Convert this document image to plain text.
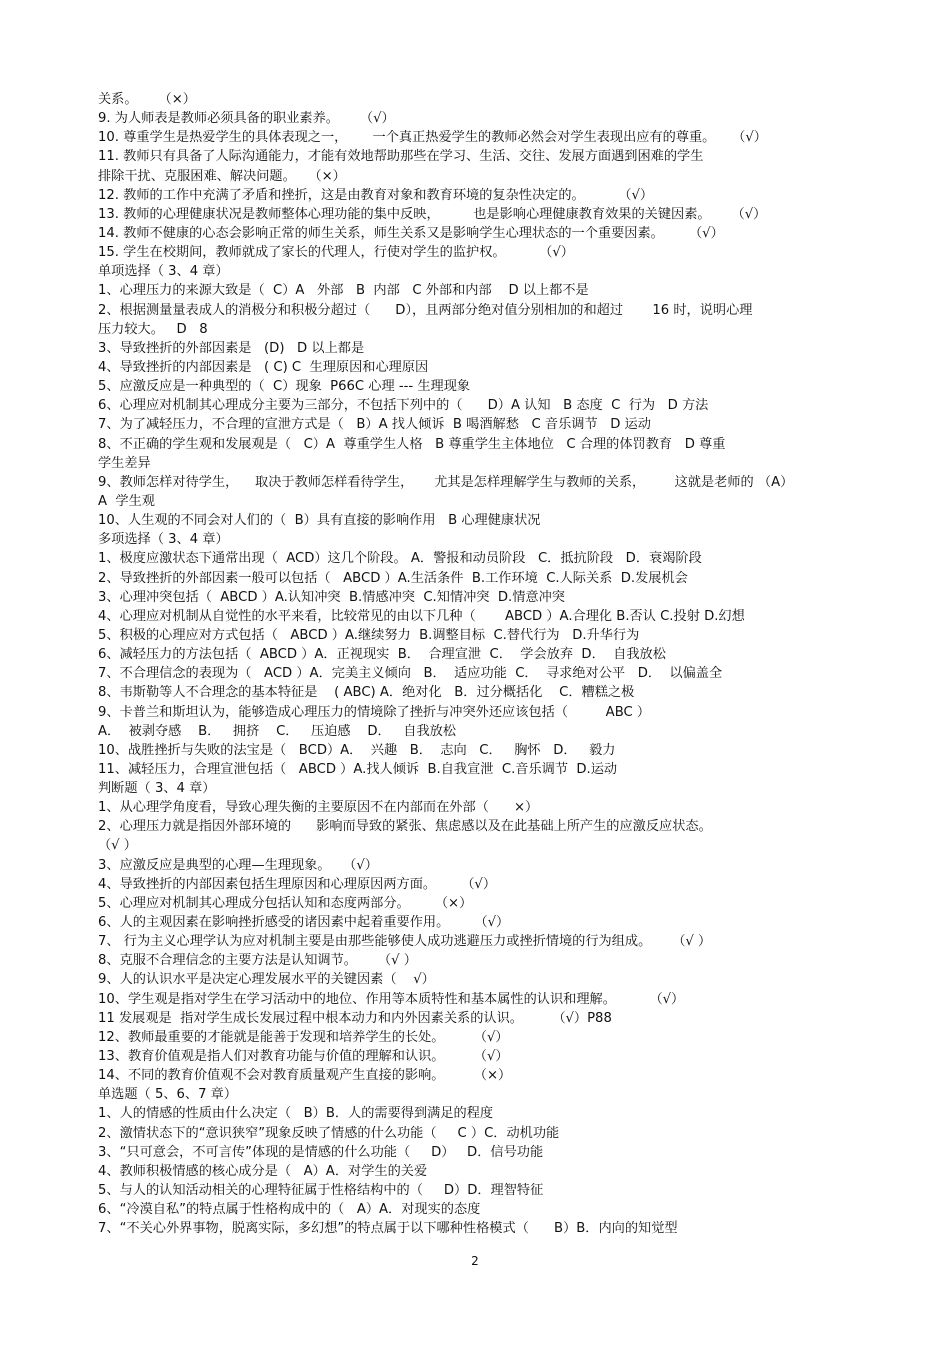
关系。     （×）
9. 为人师表是教师必须具备的职业素养。     （√）
10. 尊重学生是热爱学生的具体表现之一，      一个真正热爱学生的教师必然会对学生表现出应有的尊重。    （√）
11. 教师只有具备了人际沟通能力，才能有效地帮助那些在学习、生活、交往、发展方面遇到困难的学生
排除干扰、克服困难、解决问题。   （×）
12. 教师的工作中充满了矛盾和挫折，这是由教育对象和教育环境的复杂性决定的。        （√）
13. 教师的心理健康状况是教师整体心理功能的集中反映，        也是影响心理健康教育效果的关键因素。     （√）
14. 教师不健康的心态会影响正常的师生关系，师生关系又是影响学生心理状态的一个重要因素。      （√）
15. 学生在校期间，教师就成了家长的代理人，行使对学生的监护权。        （√）
单项选择（ 3、4 章）
1、心理压力的来源大致是（  C）A   外部   B  内部   C 外部和内部    D 以上都不是
2、根据测量量表成人的消极分和积极分超过（      D），且两部分绝对值分别相加的和超过       16 时，说明心理
压力较大。   D   8
3、导致挫折的外部因素是   (D)   D 以上都是
4、导致挫折的内部因素是   ( C) C  生理原因和心理原因
5、应激反应是一种典型的（  C）现象  P66C 心理 --- 生理现象
6、心理应对机制其心理成分主要为三部分，不包括下列中的（      D）A 认知   B 态度  C  行为   D 方法
7、为了减轻压力，不合理的宣泄方式是（   B）A 找人倾诉  B 喝酒解愁   C 音乐调节   D 运动
8、不正确的学生观和发展观是（   C）A  尊重学生人格   B 尊重学生主体地位   C 合理的体罚教育   D 尊重
学生差异
9、教师怎样对待学生，    取决于教师怎样看待学生，     尤其是怎样理解学生与教师的关系，       这就是老师的 （A）
A  学生观
10、人生观的不同会对人们的（  B）具有直接的影响作用   B 心理健康状况
多项选择（ 3、4 章）
1、极度应激状态下通常出现（  ACD）这几个阶段。 A．警报和动员阶段   C．抵抗阶段   D．衰竭阶段
2、导致挫折的外部因素一般可以包括（   ABCD ）A.生活条件  B.工作环境  C.人际关系  D.发展机会
3、心理冲突包括（  ABCD ）A.认知冲突  B.情感冲突  C.知情冲突  D.情意冲突
4、心理应对机制从自觉性的水平来看，比较常见的由以下几种（       ABCD ）A.合理化 B.否认 C.投射 D.幻想
5、积极的心理应对方式包括（   ABCD ）A.继续努力  B.调整目标  C.替代行为   D.升华行为
6、减轻压力的方法包括（  ABCD ）A．正视现实  B．  合理宣泄  C．  学会放弃  D．  自我放松
7、不合理信念的表现为（   ACD ）A．完美主义倾向   B．  适应功能  C．  寻求绝对公平   D．  以偏盖全
8、韦斯勒等人不合理念的基本特征是    ( ABC) A．绝对化   B．过分概括化    C．糟糕之极
9、卡普兰和斯坦认为，能够造成心理压力的情境除了挫折与冲突外还应该包括（         ABC ）
A．  被剥夺感    B．   拥挤    C．   压迫感    D．   自我放松
10、战胜挫折与失败的法宝是（   BCD）A．  兴趣   B．  志向   C．   胸怀   D．   毅力
11、减轻压力，合理宣泄包括（   ABCD ）A.找人倾诉  B.自我宣泄  C.音乐调节  D.运动
判断题（ 3、4 章）
1、从心理学角度看，导致心理失衡的主要原因不在内部而在外部（      ×）
2、心理压力就是指因外部环境的      影响而导致的紧张、焦虑感以及在此基础上所产生的应激反应状态。
（√ ）
3、应激反应是典型的心理—生理现象。   （√）
4、导致挫折的内部因素包括生理原因和心理原因两方面。      （√）
5、心理应对机制其心理成分包括认知和态度两部分。      （×）
6、人的主观因素在影响挫折感受的诸因素中起着重要作用。      （√）
7、 行为主义心理学认为应对机制主要是由那些能够使人成功逃避压力或挫折情境的行为组成。     （√ ）
8、克服不合理信念的主要方法是认知调节。     （√ ）
9、人的认识水平是决定心理发展水平的关键因素（    √）
10、学生观是指对学生在学习活动中的地位、作用等本质特性和基本属性的认识和理解。        （√）
11 发展观是  指对学生成长发展过程中根本动力和内外因素关系的认识。       （√）P88
12、教师最重要的才能就是能善于发现和培养学生的长处。       （√）
13、教育价值观是指人们对教育功能与价值的理解和认识。       （√）
14、不同的教育价值观不会对教育质量观产生直接的影响。       （×）
单选题（ 5、6、7 章）
1、人的情感的性质由什么决定（   B）B．人的需要得到满足的程度
2、激情状态下的“意识狭窄”现象反映了情感的什么功能（     C ）C．动机功能
3、“只可意会，不可言传”体现的是情感的什么功能（     D）   D．信号功能
4、教师积极情感的核心成分是（   A）A．对学生的关爱
5、与人的认知活动相关的心理特征属于性格结构中的（     D）D．理智特征
6、“冷漠自私”的特点属于性格构成中的（   A）A．对现实的态度
7、“不关心外界事物，脱离实际，多幻想”的特点属于以下哪种性格模式（      B）B．内向的知觉型
2
